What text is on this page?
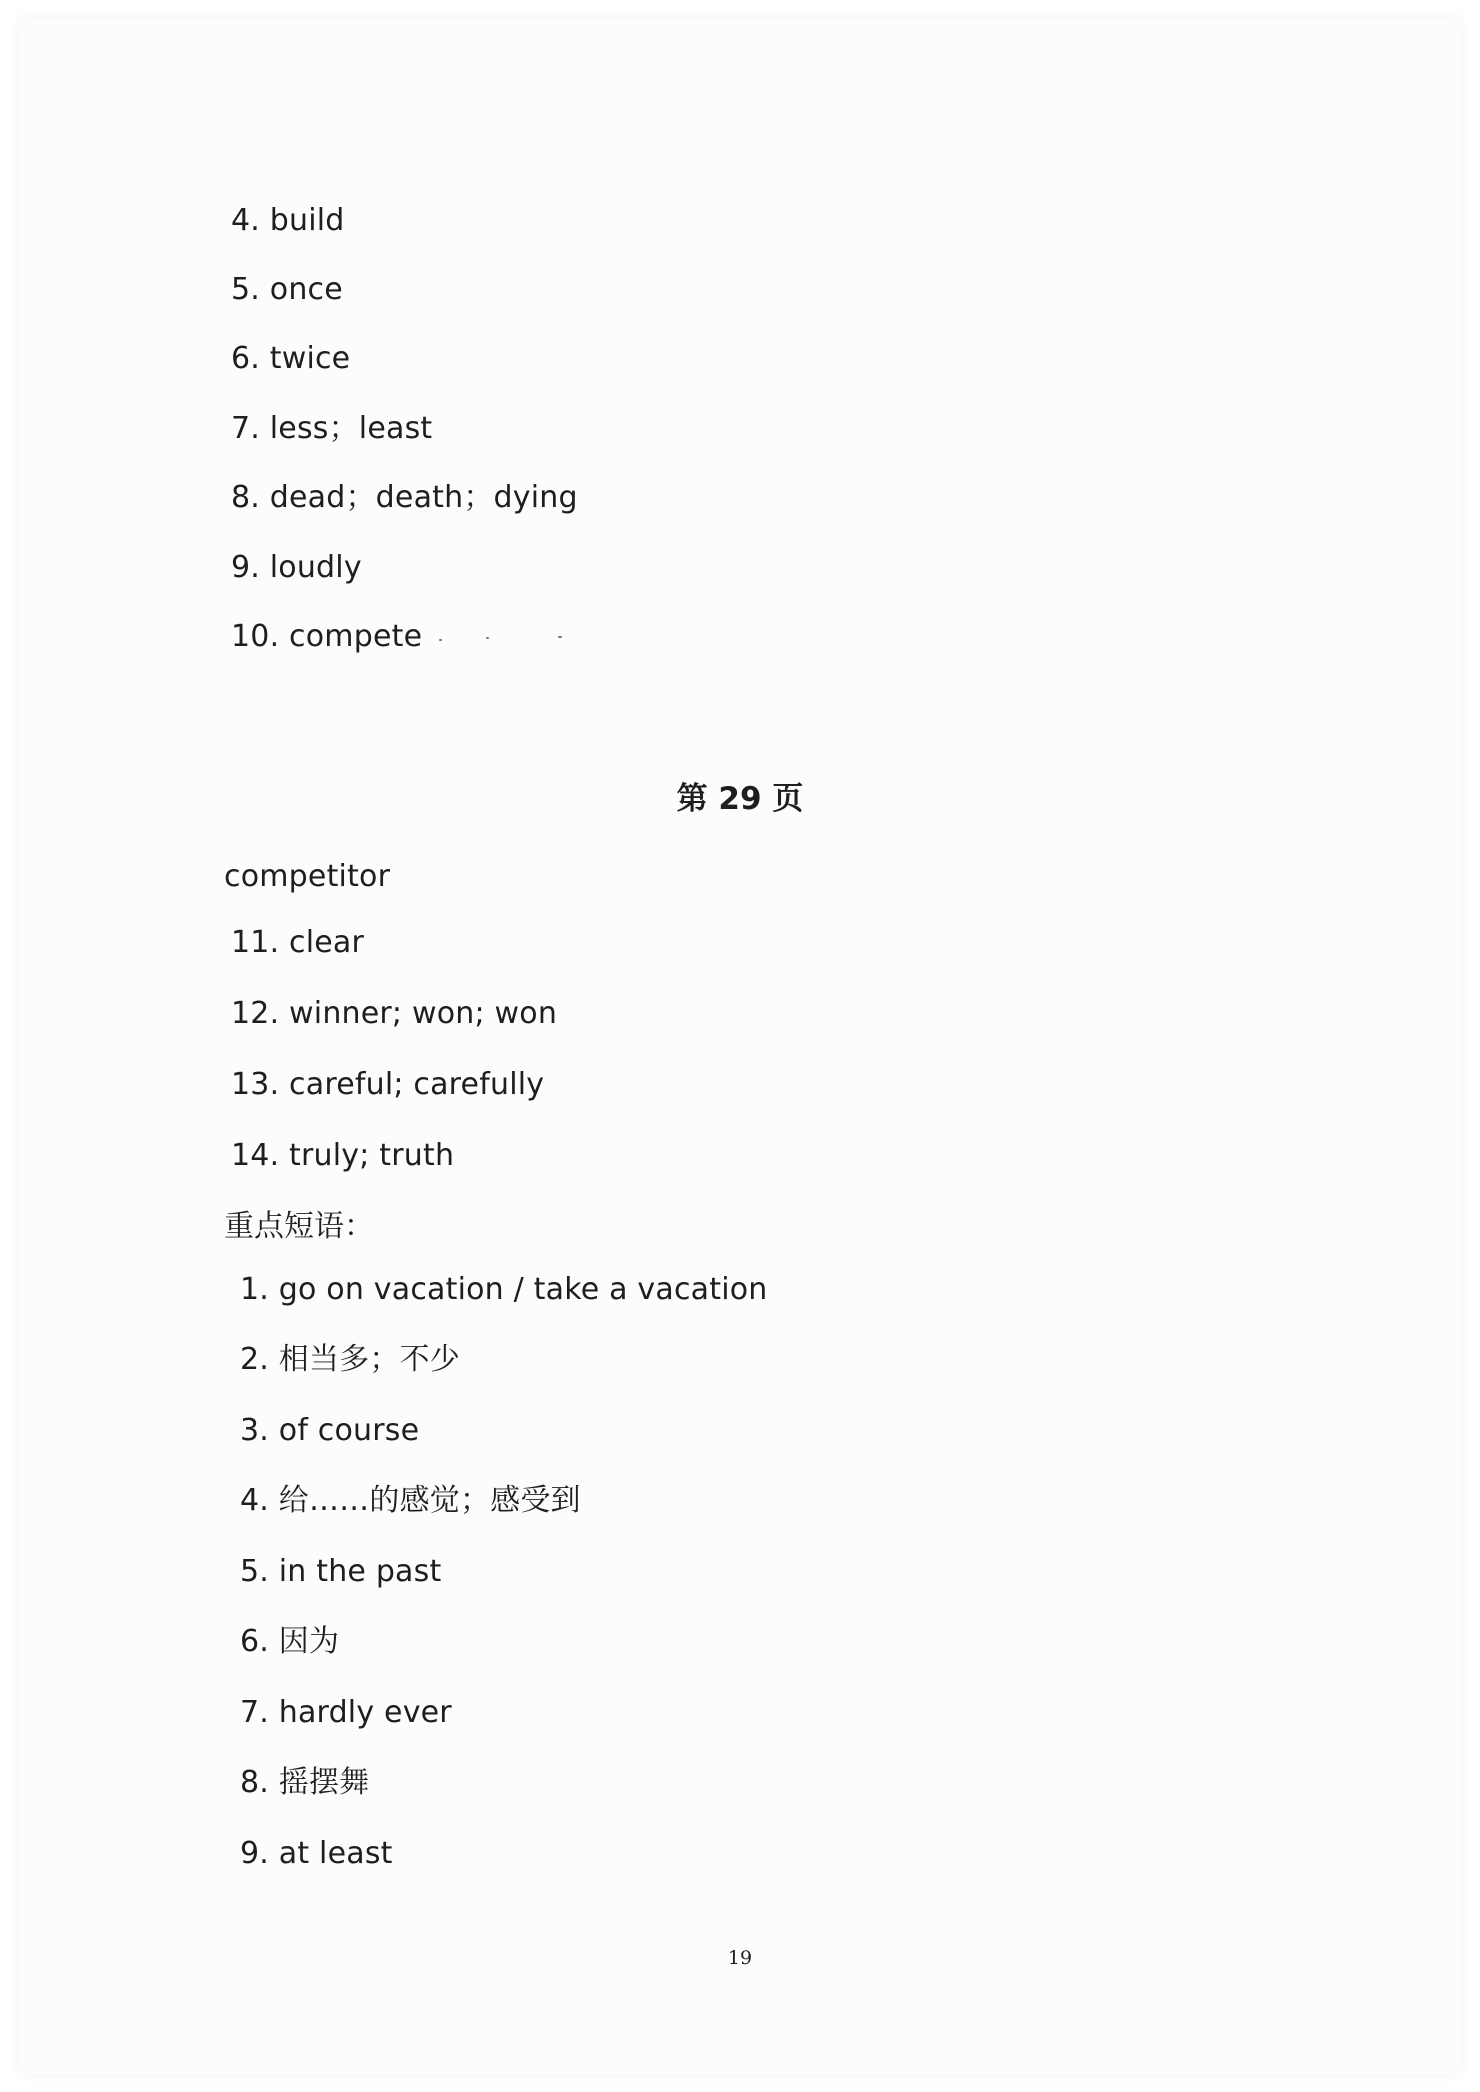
4. build
5. once
6. twice
7. less；least
8. dead；death；dying
9. loudly
10. compete
第 29 页
competitor
11. clear
12. winner; won; won
13. careful; carefully
14. truly; truth
重点短语：
1. go on vacation / take a vacation
2. 相当多；不少
3. of course
4. 给……的感觉；感受到
5. in the past
6. 因为
7. hardly ever
8. 摇摆舞
9. at least
19
